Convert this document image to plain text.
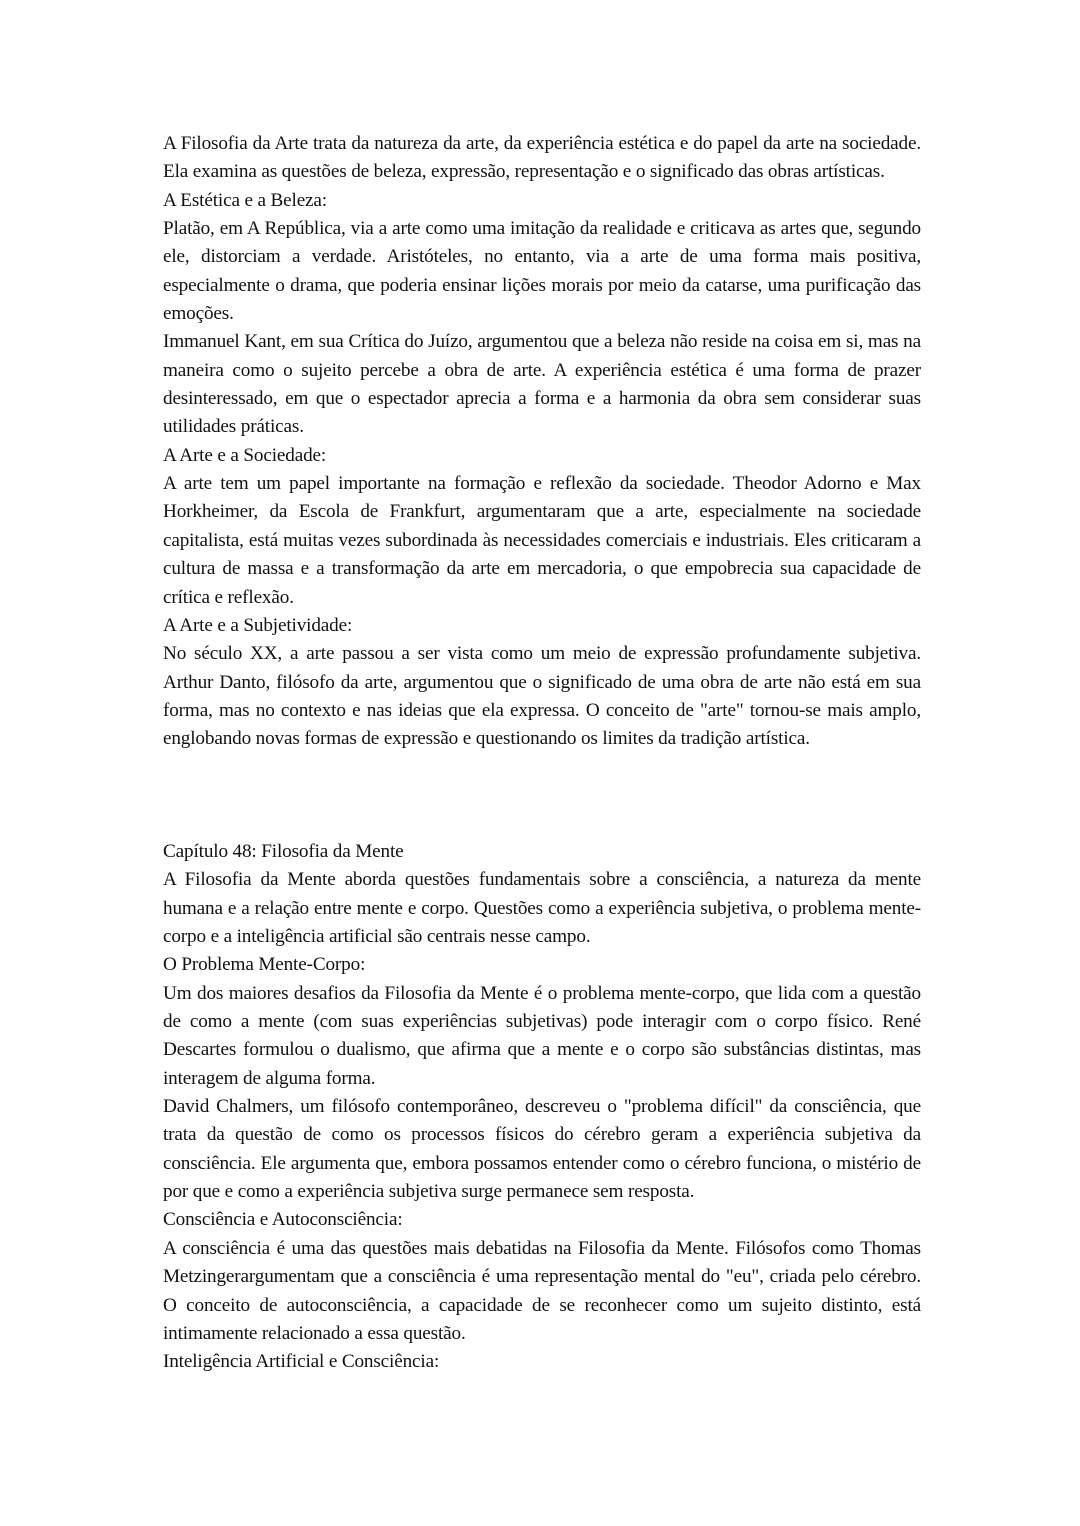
A Filosofia da Arte trata da natureza da arte, da experiência estética e do papel da arte na sociedade. Ela examina as questões de beleza, expressão, representação e o significado das obras artísticas.

A Estética e a Beleza:

Platão, em A República, via a arte como uma imitação da realidade e criticava as artes que, segundo ele, distorciam a verdade. Aristóteles, no entanto, via a arte de uma forma mais positiva, especialmente o drama, que poderia ensinar lições morais por meio da catarse, uma purificação das emoções.

Immanuel Kant, em sua Crítica do Juízo, argumentou que a beleza não reside na coisa em si, mas na maneira como o sujeito percebe a obra de arte. A experiência estética é uma forma de prazer desinteressado, em que o espectador aprecia a forma e a harmonia da obra sem considerar suas utilidades práticas.

A Arte e a Sociedade:

A arte tem um papel importante na formação e reflexão da sociedade. Theodor Adorno e Max Horkheimer, da Escola de Frankfurt, argumentaram que a arte, especialmente na sociedade capitalista, está muitas vezes subordinada às necessidades comerciais e industriais. Eles criticaram a cultura de massa e a transformação da arte em mercadoria, o que empobrecia sua capacidade de crítica e reflexão.

A Arte e a Subjetividade:

No século XX, a arte passou a ser vista como um meio de expressão profundamente subjetiva. Arthur Danto, filósofo da arte, argumentou que o significado de uma obra de arte não está em sua forma, mas no contexto e nas ideias que ela expressa. O conceito de "arte" tornou-se mais amplo, englobando novas formas de expressão e questionando os limites da tradição artística.

Capítulo 48: Filosofia da Mente

A Filosofia da Mente aborda questões fundamentais sobre a consciência, a natureza da mente humana e a relação entre mente e corpo. Questões como a experiência subjetiva, o problema mente-corpo e a inteligência artificial são centrais nesse campo.

O Problema Mente-Corpo:

Um dos maiores desafios da Filosofia da Mente é o problema mente-corpo, que lida com a questão de como a mente (com suas experiências subjetivas) pode interagir com o corpo físico. René Descartes formulou o dualismo, que afirma que a mente e o corpo são substâncias distintas, mas interagem de alguma forma.

David Chalmers, um filósofo contemporâneo, descreveu o "problema difícil" da consciência, que trata da questão de como os processos físicos do cérebro geram a experiência subjetiva da consciência. Ele argumenta que, embora possamos entender como o cérebro funciona, o mistério de por que e como a experiência subjetiva surge permanece sem resposta.

Consciência e Autoconsciência:

A consciência é uma das questões mais debatidas na Filosofia da Mente. Filósofos como Thomas Metzingerargumentam que a consciência é uma representação mental do "eu", criada pelo cérebro. O conceito de autoconsciência, a capacidade de se reconhecer como um sujeito distinto, está intimamente relacionado a essa questão.

Inteligência Artificial e Consciência:
